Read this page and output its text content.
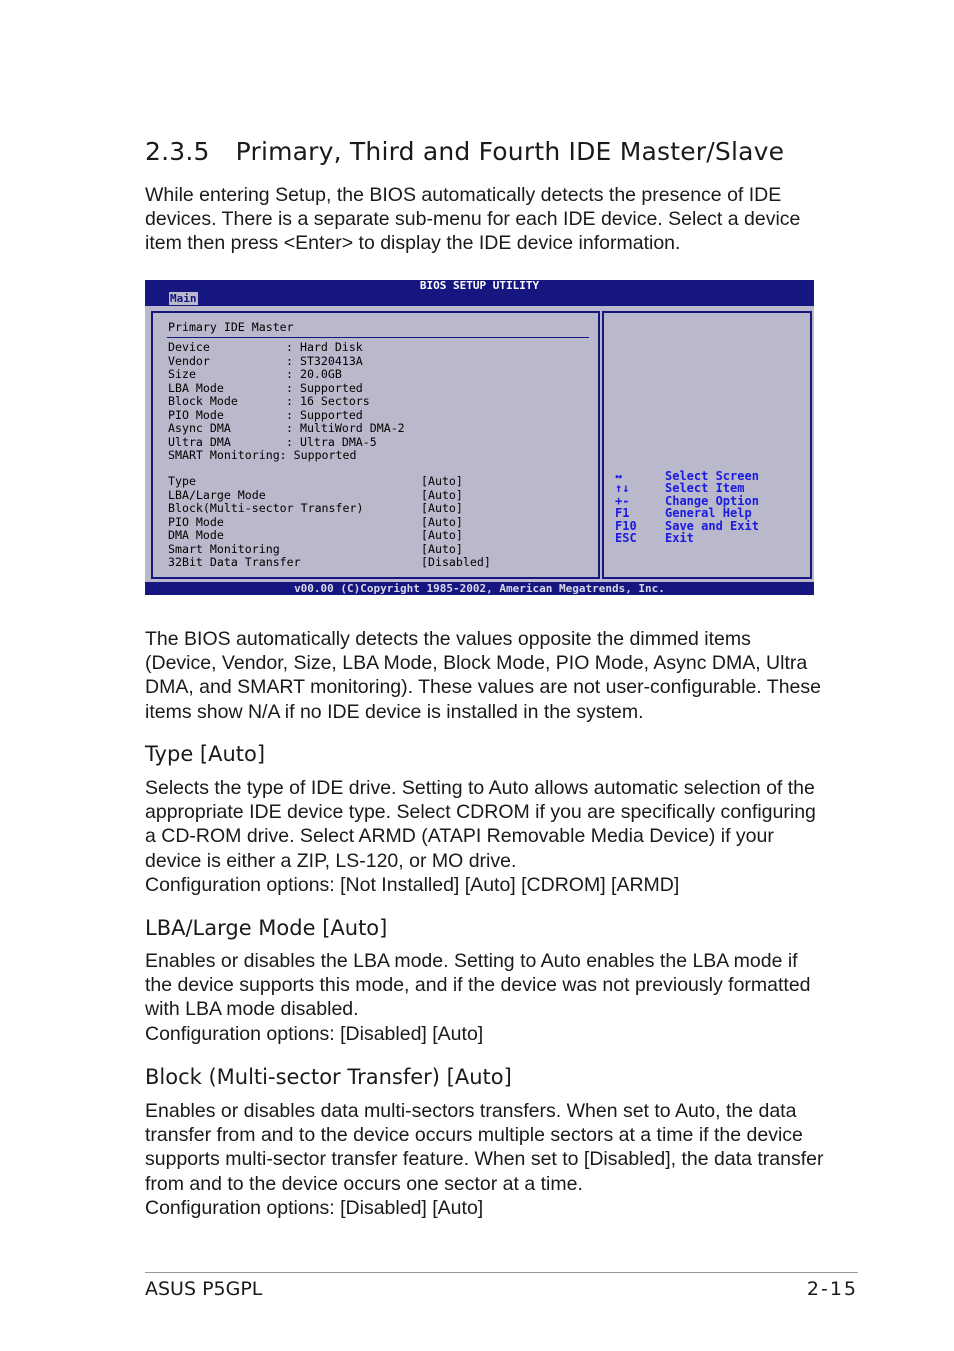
2.3.5 Primary, Third and Fourth IDE Master/Slave

While entering Setup, the BIOS automatically detects the presence of IDE devices. There is a separate sub-menu for each IDE device. Select a device item then press <Enter> to display the IDE device information.

BIOS SETUP UTILITY
Main
Primary IDE Master
Device	: Hard Disk
Vendor	: ST320413A
Size	: 20.0GB
LBA Mode	: Supported
Block Mode	: 16 Sectors
PIO Mode	: Supported
Async DMA	: MultiWord DMA-2
Ultra DMA	: Ultra DMA-5
SMART Monitoring: Supported
Type	[Auto]
LBA/Large Mode	[Auto]
Block(Multi-sector Transfer)	[Auto]
PIO Mode	[Auto]
DMA Mode	[Auto]
Smart Monitoring	[Auto]
32Bit Data Transfer	[Disabled]
↔	Select Screen
↑↓	Select Item
+-	Change Option
F1	General Help
F10 Save and Exit
ESC Exit
v00.00 (C)Copyright 1985-2002, American Megatrends, Inc.

The BIOS automatically detects the values opposite the dimmed items (Device, Vendor, Size, LBA Mode, Block Mode, PIO Mode, Async DMA, Ultra DMA, and SMART monitoring). These values are not user-configurable. These items show N/A if no IDE device is installed in the system.

Type [Auto]

Selects the type of IDE drive. Setting to Auto allows automatic selection of the appropriate IDE device type. Select CDROM if you are specifically configuring a CD-ROM drive. Select ARMD (ATAPI Removable Media Device) if your device is either a ZIP, LS-120, or MO drive.

Configuration options: [Not Installed] [Auto] [CDROM] [ARMD]

LBA/Large Mode [Auto]

Enables or disables the LBA mode. Setting to Auto enables the LBA mode if the device supports this mode, and if the device was not previously formatted with LBA mode disabled.

Configuration options: [Disabled] [Auto]

Block (Multi-sector Transfer) [Auto]

Enables or disables data multi-sectors transfers. When set to Auto, the data transfer from and to the device occurs multiple sectors at a time if the device supports multi-sector transfer feature. When set to [Disabled], the data transfer from and to the device occurs one sector at a time.

Configuration options: [Disabled] [Auto]

ASUS P5GPL	2-15
